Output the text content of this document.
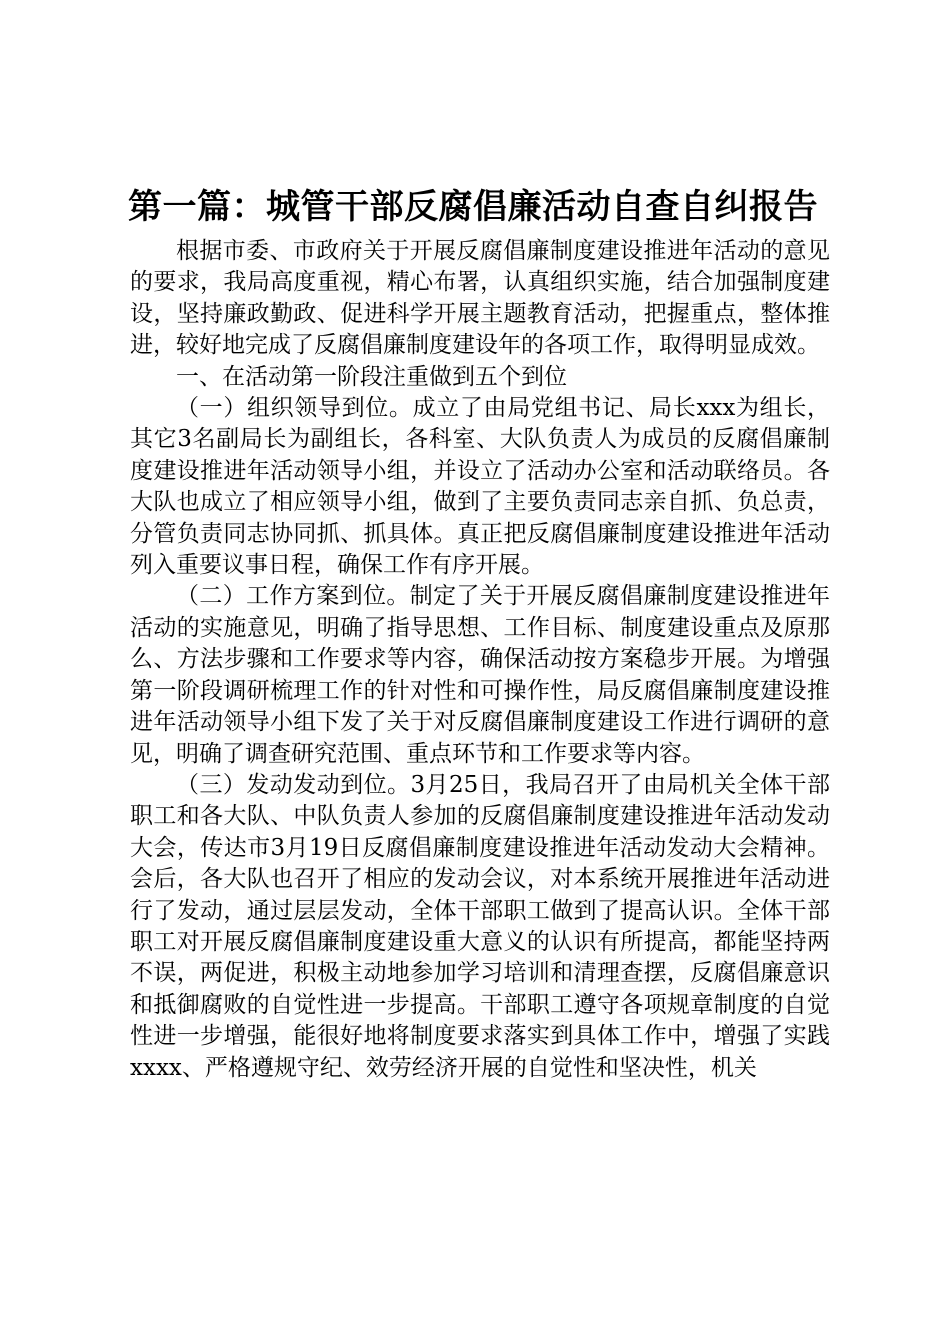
第一篇：城管干部反腐倡廉活动自查自纠报告

根据市委、市政府关于开展反腐倡廉制度建设推进年活动的意见的要求，我局高度重视，精心布署，认真组织实施，结合加强制度建设，坚持廉政勤政、促进科学开展主题教育活动，把握重点，整体推进，较好地完成了反腐倡廉制度建设年的各项工作，取得明显成效。

一、在活动第一阶段注重做到五个到位

（一）组织领导到位。成立了由局党组书记、局长xxx为组长，其它3名副局长为副组长，各科室、大队负责人为成员的反腐倡廉制度建设推进年活动领导小组，并设立了活动办公室和活动联络员。各大队也成立了相应领导小组，做到了主要负责同志亲自抓、负总责，分管负责同志协同抓、抓具体。真正把反腐倡廉制度建设推进年活动列入重要议事日程，确保工作有序开展。

（二）工作方案到位。制定了关于开展反腐倡廉制度建设推进年活动的实施意见，明确了指导思想、工作目标、制度建设重点及原那么、方法步骤和工作要求等内容，确保活动按方案稳步开展。为增强第一阶段调研梳理工作的针对性和可操作性，局反腐倡廉制度建设推进年活动领导小组下发了关于对反腐倡廉制度建设工作进行调研的意见，明确了调查研究范围、重点环节和工作要求等内容。

（三）发动发动到位。3月25日，我局召开了由局机关全体干部职工和各大队、中队负责人参加的反腐倡廉制度建设推进年活动发动大会，传达市3月19日反腐倡廉制度建设推进年活动发动大会精神。会后，各大队也召开了相应的发动会议，对本系统开展推进年活动进行了发动，通过层层发动，全体干部职工做到了提高认识。全体干部职工对开展反腐倡廉制度建设重大意义的认识有所提高，都能坚持两不误，两促进，积极主动地参加学习培训和清理查摆，反腐倡廉意识和抵御腐败的自觉性进一步提高。干部职工遵守各项规章制度的自觉性进一步增强，能很好地将制度要求落实到具体工作中，增强了实践xxxx、严格遵规守纪、效劳经济开展的自觉性和坚决性，机关
